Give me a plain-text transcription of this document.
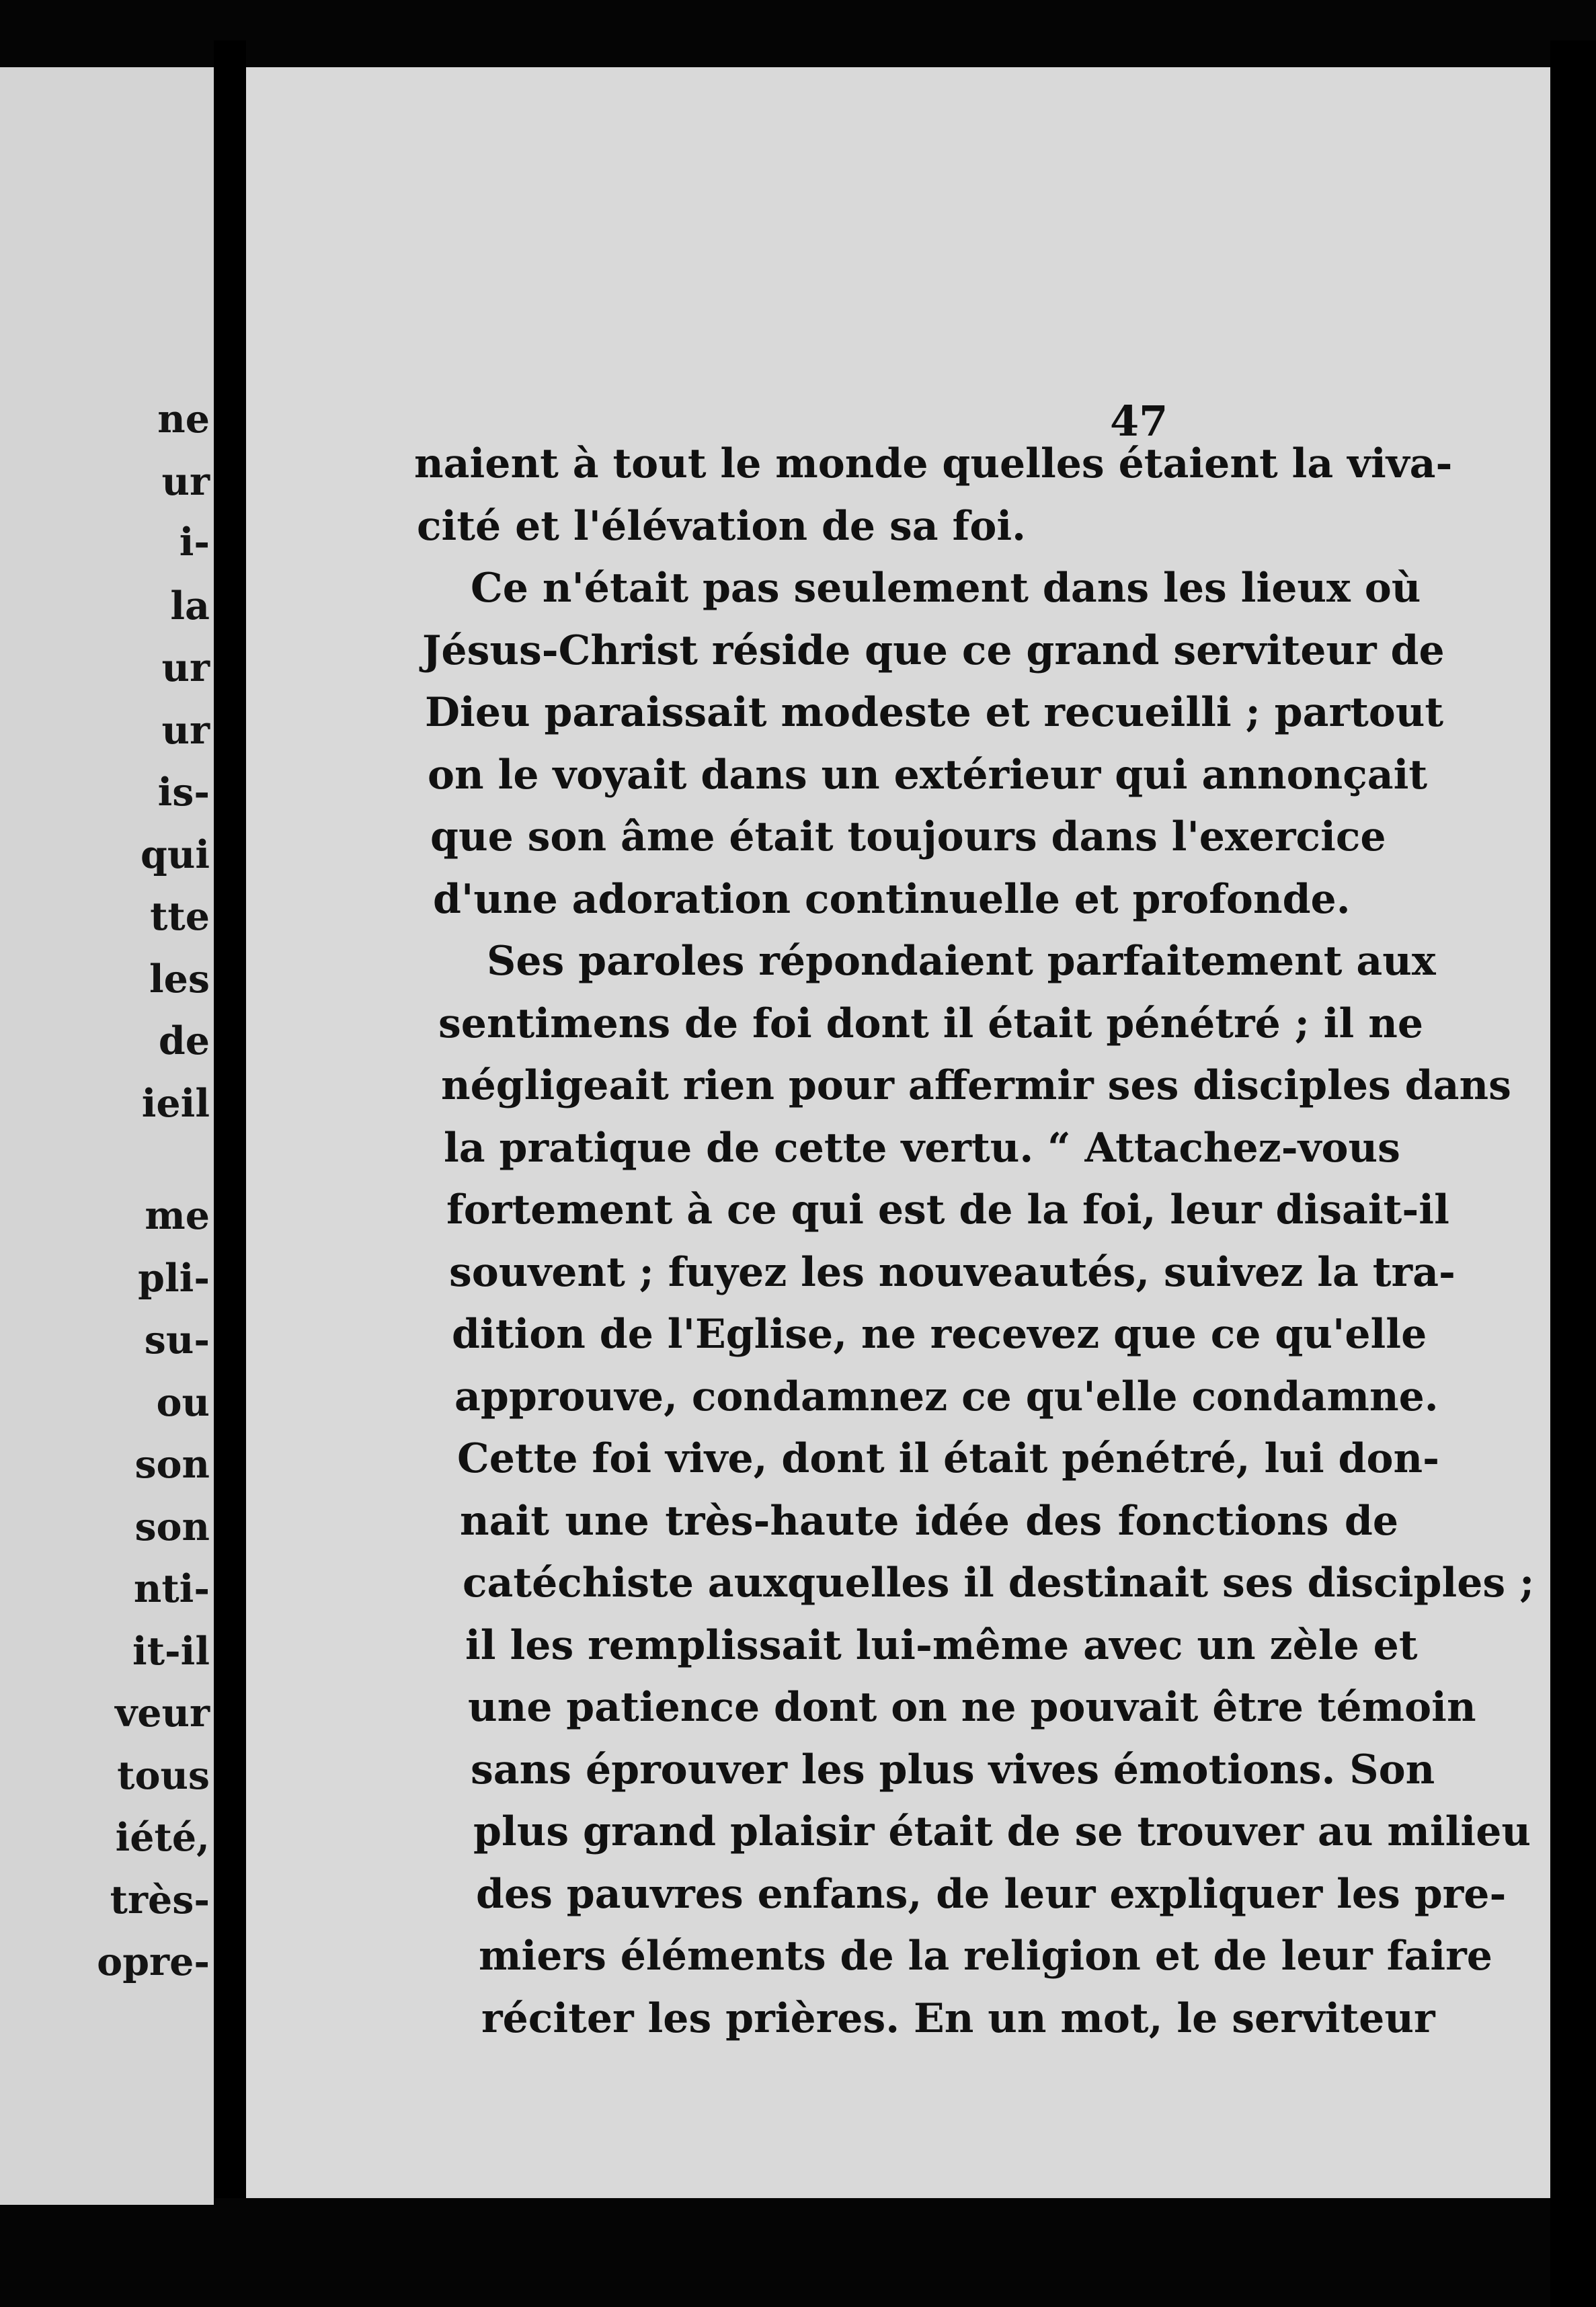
ne
ur
i-
la
ur
ur
is-
qui
tte
les
de
ieil
me
pli-
su-
ou
son
son
nti-
it-il
veur
tous
iété,
très-
opre-
47
naient à tout le monde quelles étaient la viva-
cité et l'élévation de sa foi.
Ce n'était pas seulement dans les lieux où
Jésus-Christ réside que ce grand serviteur de
Dieu paraissait modeste et recueilli ; partout
on le voyait dans un extérieur qui annonçait
que son âme était toujours dans l'exercice
d'une adoration continuelle et profonde.
Ses paroles répondaient parfaitement aux
sentimens de foi dont il était pénétré ; il ne
négligeait rien pour affermir ses disciples dans
la pratique de cette vertu. “ Attachez-vous
fortement à ce qui est de la foi, leur disait-il
souvent ; fuyez les nouveautés, suivez la tra-
dition de l'Eglise, ne recevez que ce qu'elle
approuve, condamnez ce qu'elle condamne.
Cette foi vive, dont il était pénétré, lui don-
nait une très-haute idée des fonctions de
catéchiste auxquelles il destinait ses disciples ;
il les remplissait lui-même avec un zèle et
une patience dont on ne pouvait être témoin
sans éprouver les plus vives émotions. Son
plus grand plaisir était de se trouver au milieu
des pauvres enfans, de leur expliquer les pre-
miers éléments de la religion et de leur faire
réciter les prières. En un mot, le serviteur
